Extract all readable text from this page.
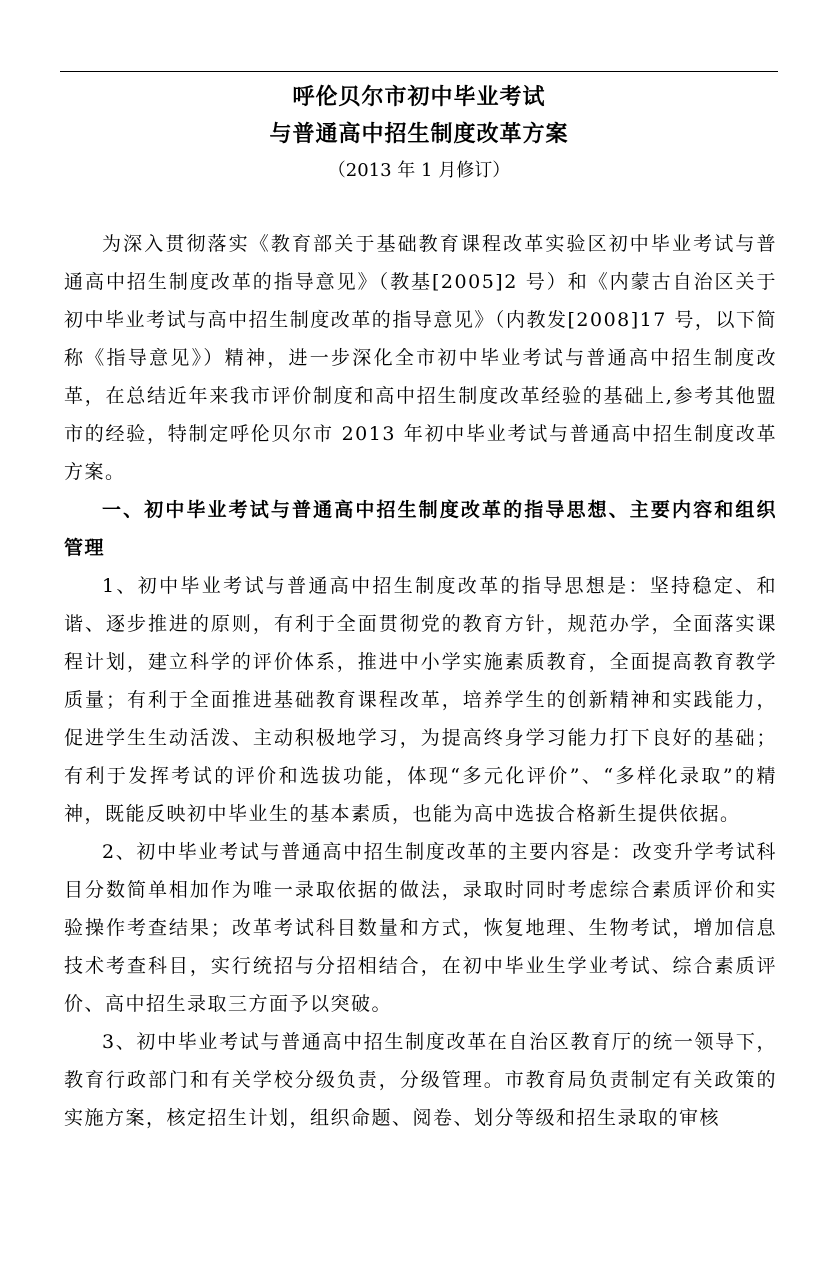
呼伦贝尔市初中毕业考试
与普通高中招生制度改革方案
（2013 年 1 月修订）

为深入贯彻落实《教育部关于基础教育课程改革实验区初中毕业考试与普通高中招生制度改革的指导意见》（教基[2005]2 号）和《内蒙古自治区关于初中毕业考试与高中招生制度改革的指导意见》（内教发[2008]17 号，以下简称《指导意见》）精神，进一步深化全市初中毕业考试与普通高中招生制度改革，在总结近年来我市评价制度和高中招生制度改革经验的基础上,参考其他盟市的经验，特制定呼伦贝尔市 2013 年初中毕业考试与普通高中招生制度改革方案。

一、初中毕业考试与普通高中招生制度改革的指导思想、主要内容和组织管理

1、初中毕业考试与普通高中招生制度改革的指导思想是：坚持稳定、和谐、逐步推进的原则，有利于全面贯彻党的教育方针，规范办学，全面落实课程计划，建立科学的评价体系，推进中小学实施素质教育，全面提高教育教学质量；有利于全面推进基础教育课程改革，培养学生的创新精神和实践能力，促进学生生动活泼、主动积极地学习，为提高终身学习能力打下良好的基础；有利于发挥考试的评价和选拔功能，体现“多元化评价”、“多样化录取”的精神，既能反映初中毕业生的基本素质，也能为高中选拔合格新生提供依据。

2、初中毕业考试与普通高中招生制度改革的主要内容是：改变升学考试科目分数简单相加作为唯一录取依据的做法，录取时同时考虑综合素质评价和实验操作考查结果；改革考试科目数量和方式，恢复地理、生物考试，增加信息技术考查科目，实行统招与分招相结合，在初中毕业生学业考试、综合素质评价、高中招生录取三方面予以突破。

3、初中毕业考试与普通高中招生制度改革在自治区教育厅的统一领导下，教育行政部门和有关学校分级负责，分级管理。市教育局负责制定有关政策的实施方案，核定招生计划，组织命题、阅卷、划分等级和招生录取的审核
